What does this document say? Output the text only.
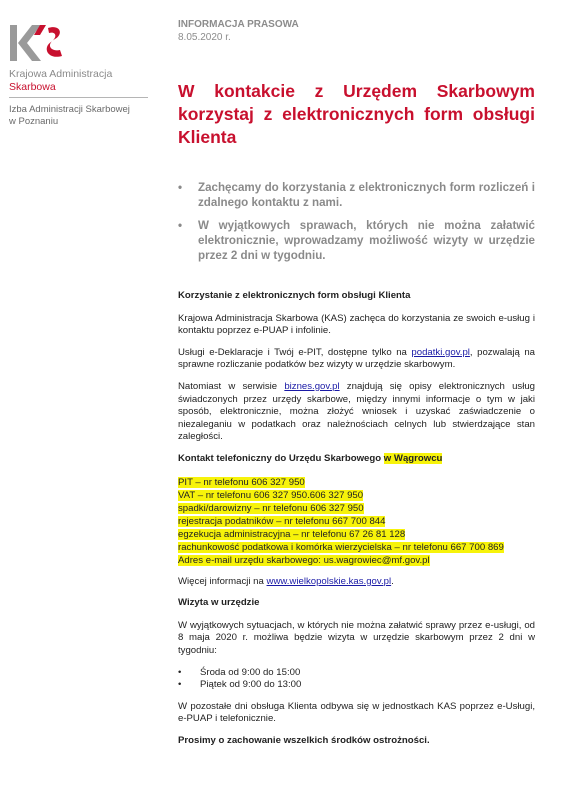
Krajowa Administracja
Skarbowa
Izba Administracji Skarbowej
w Poznaniu
INFORMACJA PRASOWA
8.05.2020 r.
W kontakcie z Urzędem Skarbowym korzystaj z elektronicznych form obsługi Klienta
• Zachęcamy do korzystania z elektronicznych form rozliczeń i zdalnego kontaktu z nami.
• W wyjątkowych sprawach, których nie można załatwić elektronicznie, wprowadzamy możliwość wizyty w urzędzie przez 2 dni w tygodniu.
Korzystanie z elektronicznych form obsługi Klienta

Krajowa Administracja Skarbowa (KAS) zachęca do korzystania ze swoich e-usług i kontaktu poprzez e-PUAP i infolinie.

Usługi e-Deklaracje i Twój e-PIT, dostępne tylko na podatki.gov.pl, pozwalają na sprawne rozliczanie podatków bez wizyty w urzędzie skarbowym.

Natomiast w serwisie biznes.gov.pl znajdują się opisy elektronicznych usług świadczonych przez urzędy skarbowe, między innymi informacje o tym w jaki sposób, elektronicznie, można złożyć wniosek i uzyskać zaświadczenie o niezaleganiu w podatkach oraz należnościach celnych lub stwierdzające stan zaległości.

Kontakt telefoniczny do Urzędu Skarbowego w Wągrowcu
PIT – nr telefonu 606 327 950
VAT – nr telefonu 606 327 950.606 327 950
spadki/darowizny – nr telefonu 606 327 950
rejestracja podatników – nr telefonu 667 700 844
egzekucja administracyjna – nr telefonu 67 26 81 128
rachunkowość podatkowa i komórka wierzycielska – nr telefonu 667 700 869
Adres e-mail urzędu skarbowego: us.wagrowiec@mf.gov.pl

Więcej informacji na www.wielkopolskie.kas.gov.pl.

Wizyta w urzędzie

W wyjątkowych sytuacjach, w których nie można załatwić sprawy przez e-usługi, od 8 maja 2020 r. możliwa będzie wizyta w urzędzie skarbowym przez 2 dni w tygodniu:

• Środa od 9:00 do 15:00
• Piątek od 9:00 do 13:00

W pozostałe dni obsługa Klienta odbywa się w jednostkach KAS poprzez e-Usługi, e-PUAP i telefonicznie.

Prosimy o zachowanie wszelkich środków ostrożności.
